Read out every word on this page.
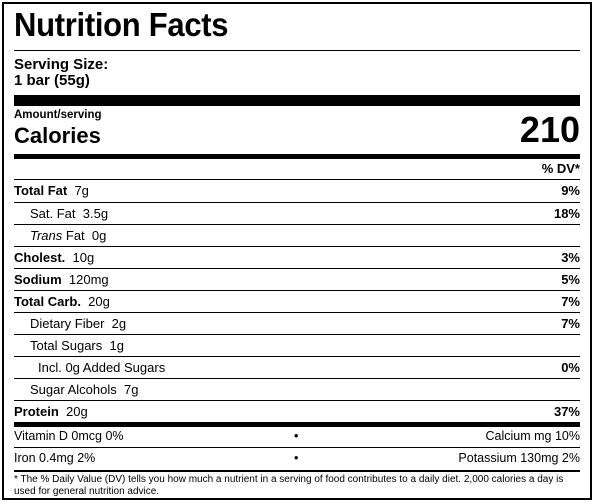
Nutrition Facts
Serving Size:
1 bar (55g)
Amount/serving
Calories	210
% DV*
Total Fat 7g	9%
Sat. Fat 3.5g	18%
Trans Fat 0g
Cholest. 10g	3%
Sodium 120mg	5%
Total Carb. 20g	7%
Dietary Fiber 2g	7%
Total Sugars 1g
Incl. 0g Added Sugars	0%
Sugar Alcohols 7g
Protein 20g	37%
Vitamin D 0mcg 0%	•	Calcium mg 10%
Iron 0.4mg 2%	•	Potassium 130mg 2%
* The % Daily Value (DV) tells you how much a nutrient in a serving of food contributes to a daily diet. 2,000 calories a day is used for general nutrition advice.
